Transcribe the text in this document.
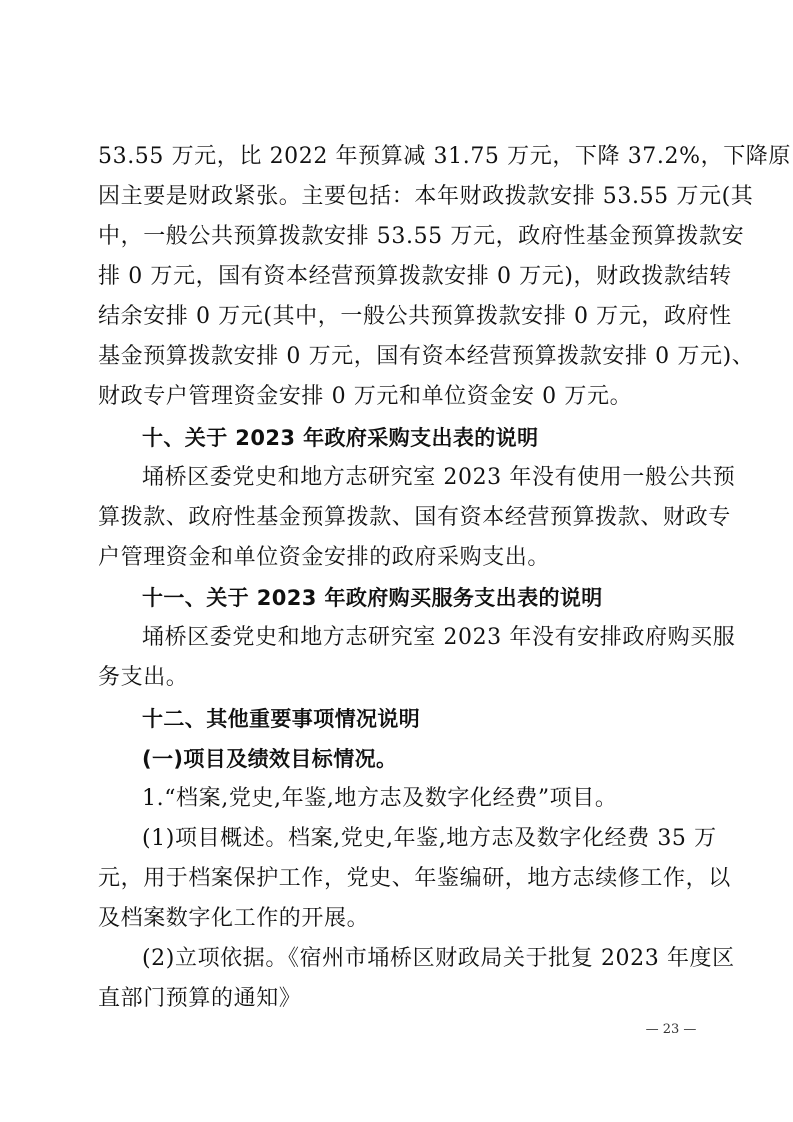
53.55 万元，比 2022 年预算减 31.75 万元，下降 37.2%，下降原
因主要是财政紧张。主要包括：本年财政拨款安排 53.55 万元(其
中，一般公共预算拨款安排 53.55 万元，政府性基金预算拨款安
排 0 万元，国有资本经营预算拨款安排 0 万元)，财政拨款结转
结余安排 0 万元(其中，一般公共预算拨款安排 0 万元，政府性
基金预算拨款安排 0 万元，国有资本经营预算拨款安排 0 万元)、
财政专户管理资金安排 0 万元和单位资金安 0 万元。
十、关于 2023 年政府采购支出表的说明
埇桥区委党史和地方志研究室 2023 年没有使用一般公共预
算拨款、政府性基金预算拨款、国有资本经营预算拨款、财政专
户管理资金和单位资金安排的政府采购支出。
十一、关于 2023 年政府购买服务支出表的说明
埇桥区委党史和地方志研究室 2023 年没有安排政府购买服
务支出。
十二、其他重要事项情况说明
(一)项目及绩效目标情况。
1.“档案,党史,年鉴,地方志及数字化经费”项目。
(1)项目概述。档案,党史,年鉴,地方志及数字化经费 35 万
元，用于档案保护工作，党史、年鉴编研，地方志续修工作，以
及档案数字化工作的开展。
(2)立项依据。《宿州市埇桥区财政局关于批复 2023 年度区
直部门预算的通知》
— 23 —
